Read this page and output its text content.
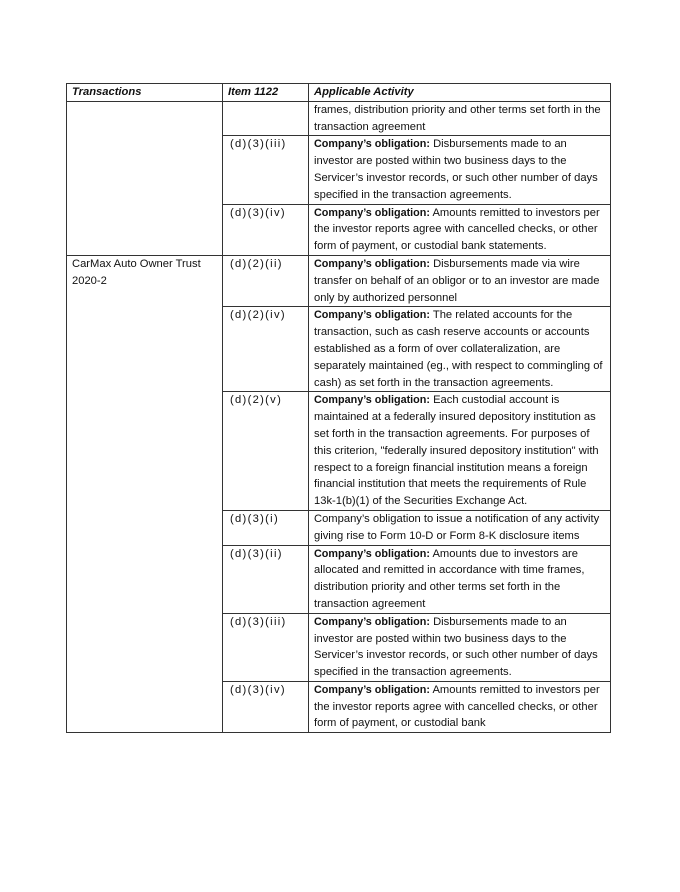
Transactions	Item 1122	Applicable Activity
		frames, distribution priority and other terms set forth in the transaction agreement
	(d)(3)(iii)	Company’s obligation: Disbursements made to an investor are posted within two business days to the Servicer’s investor records, or such other number of days specified in the transaction agreements.
	(d)(3)(iv)	Company’s obligation: Amounts remitted to investors per the investor reports agree with cancelled checks, or other form of payment, or custodial bank statements.
CarMax Auto Owner Trust 2020-2	(d)(2)(ii)	Company’s obligation: Disbursements made via wire transfer on behalf of an obligor or to an investor are made only by authorized personnel
	(d)(2)(iv)	Company’s obligation: The related accounts for the transaction, such as cash reserve accounts or accounts established as a form of over collateralization, are separately maintained (eg., with respect to commingling of cash) as set forth in the transaction agreements.
	(d)(2)(v)	Company’s obligation: Each custodial account is maintained at a federally insured depository institution as set forth in the transaction agreements. For purposes of this criterion, "federally insured depository institution" with respect to a foreign financial institution means a foreign financial institution that meets the requirements of Rule 13k-1(b)(1) of the Securities Exchange Act.
	(d)(3)(i)	Company’s obligation to issue a notification of any activity giving rise to Form 10-D or Form 8-K disclosure items
	(d)(3)(ii)	Company’s obligation: Amounts due to investors are allocated and remitted in accordance with time frames, distribution priority and other terms set forth in the transaction agreement
	(d)(3)(iii)	Company’s obligation: Disbursements made to an investor are posted within two business days to the Servicer’s investor records, or such other number of days specified in the transaction agreements.
	(d)(3)(iv)	Company’s obligation: Amounts remitted to investors per the investor reports agree with cancelled checks, or other form of payment, or custodial bank
